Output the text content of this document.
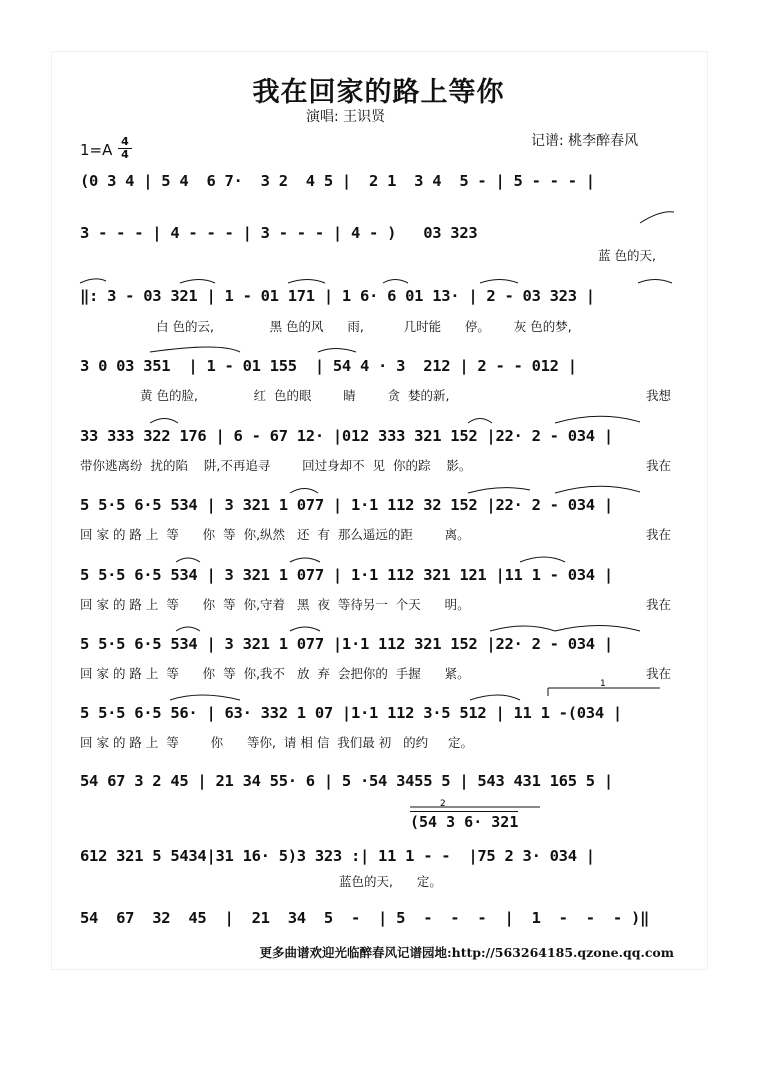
我在回家的路上等你
演唱: 王识贤
记谱: 桃李醉春风
1=A 4
4
(0 3 4 | 5 4  6 7·  3 2  4 5 |  2 1  3 4  5 - | 5 - - - |
3 - - - | 4 - - - | 3 - - - | 4 - )   03 323
蓝 色的天,
‖: 3 - 03 321 | 1 - 01 171 | 1 6· 6 01 13· | 2 - 03 323 |
白 色的云,              黑 色的风      雨,          几时能      停。      灰 色的梦,
3 0 03 351  | 1 - 01 155  | 54 4 · 3  212 | 2 - - 012 |
黄 色的脸,              红  色的眼        睛        贪  婪的新,	我想
33 333 322 176 | 6 - 67 12· |012 333 321 152 |22· 2 - 034 |
带你逃离纷  扰的陷    阱,不再追寻        回过身却不  见  你的踪    影。	我在
5 5·5 6·5 534 | 3 321 1 077 | 1·1 112 32 152 |22· 2 - 034 |
回 家 的 路 上  等      你  等  你,纵然   还  有  那么遥远的距        离。	我在
5 5·5 6·5 534 | 3 321 1 077 | 1·1 112 321 121 |11 1 - 034 |
回 家 的 路 上  等      你  等  你,守着   黑  夜  等待另一  个天      明。	我在
5 5·5 6·5 534 | 3 321 1 077 |1·1 112 321 152 |22· 2 - 034 |
回 家 的 路 上  等      你  等  你,我不   放  弃  会把你的  手握      紧。	我在
5 5·5 6·5 56· | 63· 332 1 07 |1·1 112 3·5 512 | 11 1 -(034 |
回 家 的 路 上  等        你      等你,  请 相 信  我们最 初   的约     定。
54 67 3 2 45 | 21 34 55· 6 | 5 ·54 3455 5 | 543 431 165 5 |
(54 3 6· 321
612 321 5 5434|31 16· 5)3 323 :| 11 1 - -  |75 2 3· 034 |
蓝色的天,      定。
54  67  32  45  |  21  34  5  -  | 5  -  -  -  |  1  -  -  - )‖
更多曲谱欢迎光临醉春风记谱园地:http://563264185.qzone.qq.com
1
2
